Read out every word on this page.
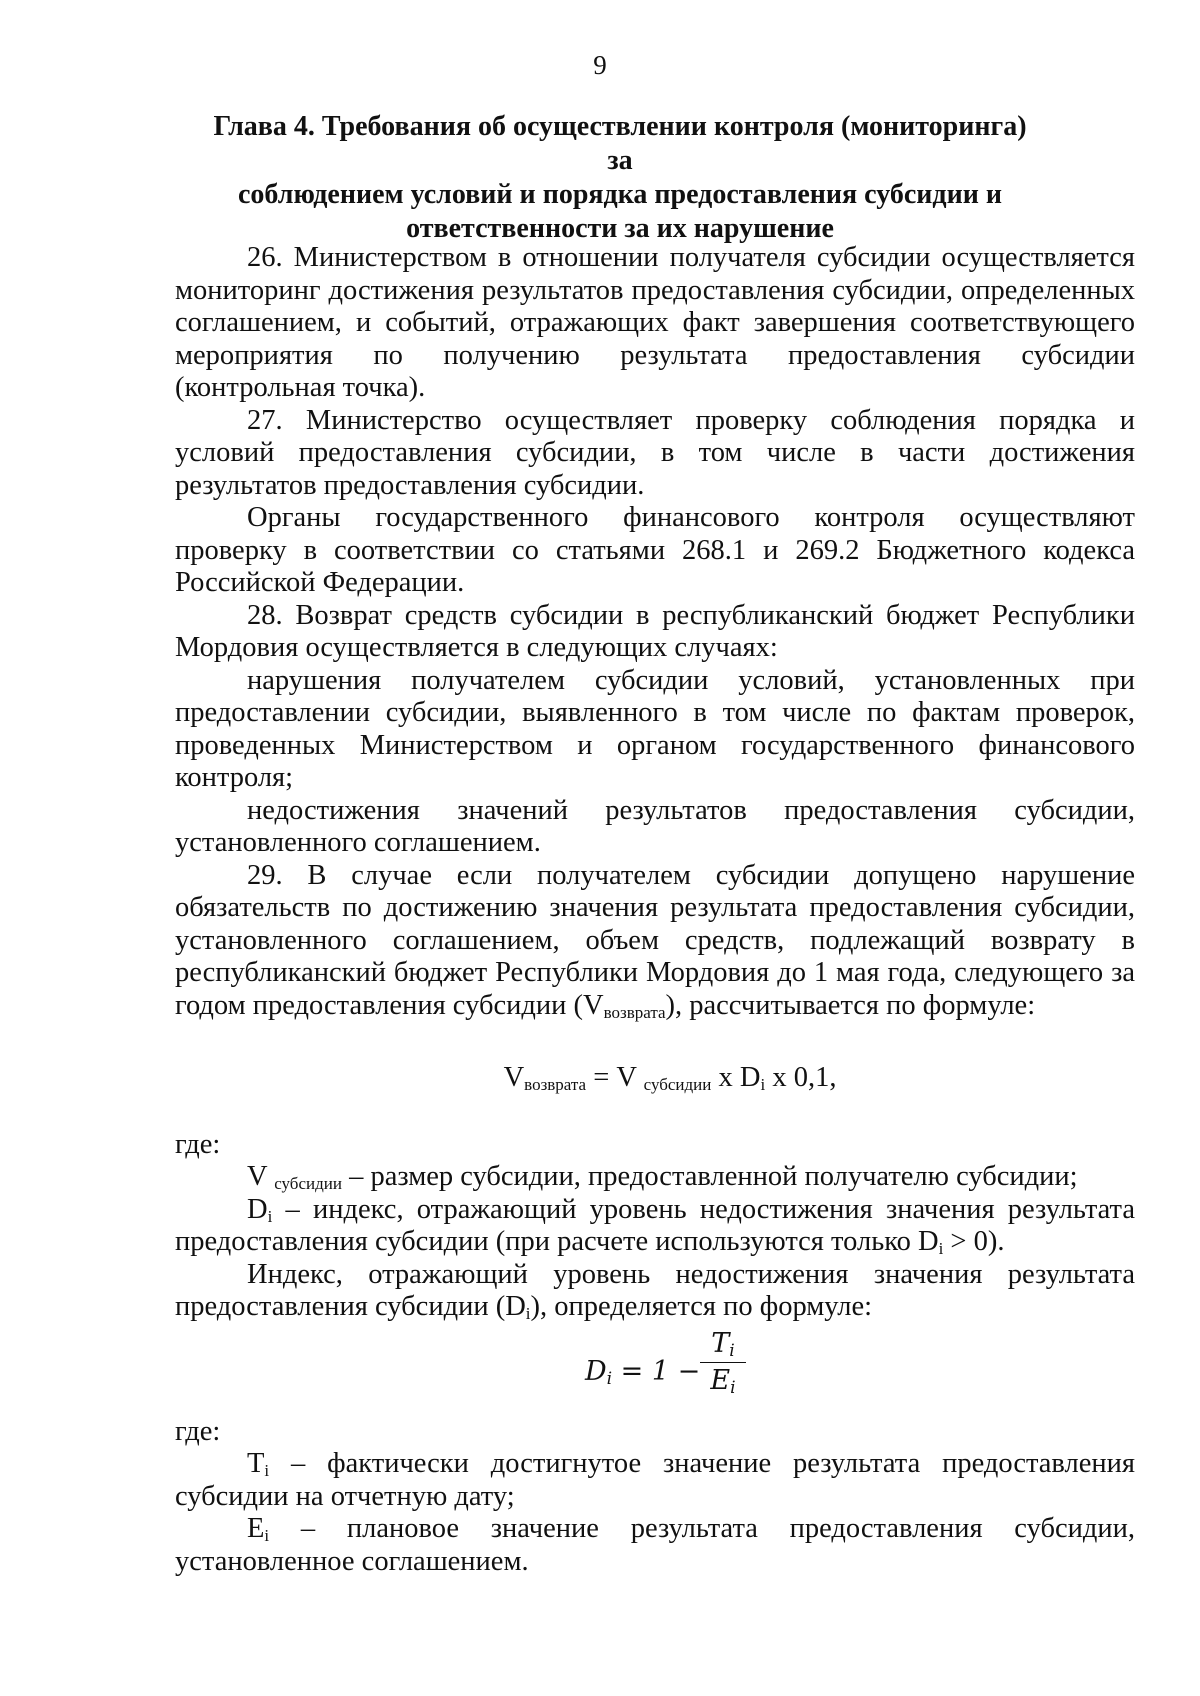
9
Глава 4. Требования об осуществлении контроля (мониторинга) за
соблюдением условий и порядка предоставления субсидии и
ответственности за их нарушение

26. Министерством в отношении получателя субсидии осуществляется мониторинг достижения результатов предоставления субсидии, определенных соглашением, и событий, отражающих факт завершения соответствующего мероприятия по получению результата предоставления субсидии (контрольная точка).

27. Министерство осуществляет проверку соблюдения порядка и условий предоставления субсидии, в том числе в части достижения результатов предоставления субсидии.

Органы государственного финансового контроля осуществляют проверку в соответствии со статьями 268.1 и 269.2 Бюджетного кодекса Российской Федерации.

28. Возврат средств субсидии в республиканский бюджет Республики Мордовия осуществляется в следующих случаях:

нарушения получателем субсидии условий, установленных при предоставлении субсидии, выявленного в том числе по фактам проверок, проведенных Министерством и органом государственного финансового контроля;

недостижения значений результатов предоставления субсидии, установленного соглашением.

29. В случае если получателем субсидии допущено нарушение обязательств по достижению значения результата предоставления субсидии, установленного соглашением, объем средств, подлежащий возврату в республиканский бюджет Республики Мордовия до 1 мая года, следующего за годом предоставления субсидии $(V_{возврата})$, рассчитывается по формуле:

$V_{возврата} = V$ $_{субсидии}$ x $D_i$ x 0,1,

где:

V $_{субсидии}$ – размер субсидии, предоставленной получателю субсидии;

$D_i$ – индекс, отражающий уровень недостижения значения результата предоставления субсидии (при расчете используются только $D_i > 0$).

Индекс, отражающий уровень недостижения значения результата предоставления субсидии $(D_i)$, определяется по формуле:

$D_i = 1$ −
$T_i$
$E_i$

где:

$T_i$ – фактически достигнутое значение результата предоставления субсидии на отчетную дату;

$E_i$ – плановое значение результата предоставления субсидии, установленное соглашением.
